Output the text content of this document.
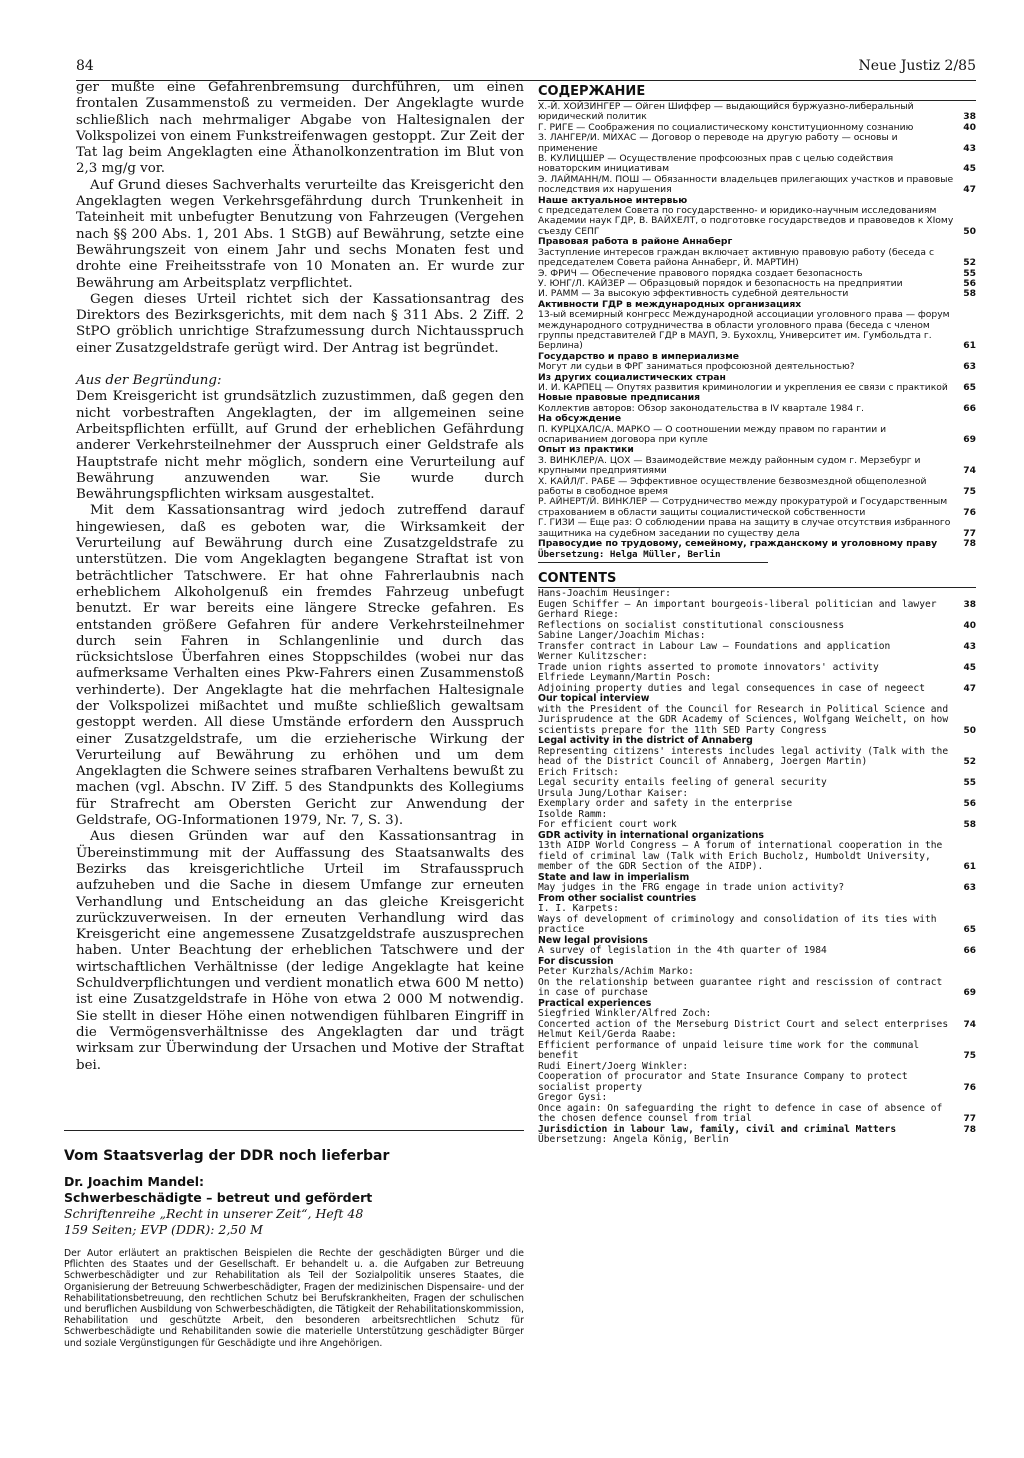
84	Neue Justiz 2/85

ger mußte eine Gefahrenbremsung durchführen, um einen frontalen Zusammenstoß zu vermeiden. Der Angeklagte wurde schließlich nach mehrmaliger Abgabe von Haltesignalen der Volkspolizei von einem Funkstreifenwagen gestoppt. Zur Zeit der Tat lag beim Angeklagten eine Äthanolkonzentration im Blut von 2,3 mg/g vor.

Auf Grund dieses Sachverhalts verurteilte das Kreisgericht den Angeklagten wegen Verkehrsgefährdung durch Trunkenheit in Tateinheit mit unbefugter Benutzung von Fahrzeugen (Vergehen nach §§ 200 Abs. 1, 201 Abs. 1 StGB) auf Bewährung, setzte eine Bewährungszeit von einem Jahr und sechs Monaten fest und drohte eine Freiheitsstrafe von 10 Monaten an. Er wurde zur Bewährung am Arbeitsplatz verpflichtet.

Gegen dieses Urteil richtet sich der Kassationsantrag des Direktors des Bezirksgerichts, mit dem nach § 311 Abs. 2 Ziff. 2 StPO gröblich unrichtige Strafzumessung durch Nichtausspruch einer Zusatzgeldstrafe gerügt wird. Der Antrag ist begründet.

Aus der Begründung:

Dem Kreisgericht ist grundsätzlich zuzustimmen, daß gegen den nicht vorbestraften Angeklagten, der im allgemeinen seine Arbeitspflichten erfüllt, auf Grund der erheblichen Gefährdung anderer Verkehrsteilnehmer der Ausspruch einer Geldstrafe als Hauptstrafe nicht mehr möglich, sondern eine Verurteilung auf Bewährung anzuwenden war. Sie wurde durch Bewährungspflichten wirksam ausgestaltet.

Mit dem Kassationsantrag wird jedoch zutreffend darauf hingewiesen, daß es geboten war, die Wirksamkeit der Verurteilung auf Bewährung durch eine Zusatzgeldstrafe zu unterstützen. Die vom Angeklagten begangene Straftat ist von beträchtlicher Tatschwere. Er hat ohne Fahrerlaubnis nach erheblichem Alkoholgenuß ein fremdes Fahrzeug unbefugt benutzt. Er war bereits eine längere Strecke gefahren. Es entstanden größere Gefahren für andere Verkehrsteilnehmer durch sein Fahren in Schlangenlinie und durch das rücksichtslose Überfahren eines Stoppschildes (wobei nur das aufmerksame Verhalten eines Pkw-Fahrers einen Zusammenstoß verhinderte). Der Angeklagte hat die mehrfachen Haltesignale der Volkspolizei mißachtet und mußte schließlich gewaltsam gestoppt werden. All diese Umstände erfordern den Ausspruch einer Zusatzgeldstrafe, um die erzieherische Wirkung der Verurteilung auf Bewährung zu erhöhen und um dem Angeklagten die Schwere seines strafbaren Verhaltens bewußt zu machen (vgl. Abschn. IV Ziff. 5 des Standpunkts des Kollegiums für Strafrecht am Obersten Gericht zur Anwendung der Geldstrafe, OG-Informationen 1979, Nr. 7, S. 3).

Aus diesen Gründen war auf den Kassationsantrag in Übereinstimmung mit der Auffassung des Staatsanwalts des Bezirks das kreisgerichtliche Urteil im Strafausspruch aufzuheben und die Sache in diesem Umfange zur erneuten Verhandlung und Entscheidung an das gleiche Kreisgericht zurückzuverweisen. In der erneuten Verhandlung wird das Kreisgericht eine angemessene Zusatzgeldstrafe auszusprechen haben. Unter Beachtung der erheblichen Tatschwere und der wirtschaftlichen Verhältnisse (der ledige Angeklagte hat keine Schuldverpflichtungen und verdient monatlich etwa 600 M netto) ist eine Zusatzgeldstrafe in Höhe von etwa 2 000 M notwendig. Sie stellt in dieser Höhe einen notwendigen fühlbaren Eingriff in die Vermögensverhältnisse des Angeklagten dar und trägt wirksam zur Überwindung der Ursachen und Motive der Straftat bei.

Vom Staatsverlag der DDR noch lieferbar
Dr. Joachim Mandel:
Schwerbeschädigte – betreut und gefördert
Schriftenreihe „Recht in unserer Zeit“, Heft 48
159 Seiten; EVP (DDR): 2,50 M
Der Autor erläutert an praktischen Beispielen die Rechte der geschädigten Bürger und die Pflichten des Staates und der Gesellschaft. Er behandelt u. a. die Aufgaben zur Betreuung Schwerbeschädigter und zur Rehabilitation als Teil der Sozialpolitik unseres Staates, die Organisierung der Betreuung Schwerbeschädigter, Fragen der medizinischen Dispensaire- und der Rehabilitationsbetreuung, den rechtlichen Schutz bei Berufskrankheiten, Fragen der schulischen und beruflichen Ausbildung von Schwerbeschädigten, die Tätigkeit der Rehabilitationskommission, Rehabilitation und geschützte Arbeit, den besonderen arbeitsrechtlichen Schutz für Schwerbeschädigte und Rehabilitanden sowie die materielle Unterstützung geschädigter Bürger und soziale Vergünstigungen für Geschädigte und ihre Angehörigen.
СОДЕРЖАНИЕ
Х.-Й. ХОЙЗИНГЕР — Ойген Шиффер — выдающийся буржуазно-либеральный юридический политик	38
Г. РИГЕ — Соображения по социалистическому конституционному сознанию	40
З. ЛАНГЕР/И. МИХАС — Договор о переводе на другую работу — основы и применение	43
В. КУЛИЦШЕР — Осуществление профсоюзных прав с целью содействия новаторским инициативам	45
Э. ЛАЙМАНН/М. ПОШ — Обязанности владельцев прилегающих участков и правовые последствия их нарушения	47
Наше актуальное интервью
с председателем Совета по государственно- и юридико-научным исследованиям Академии наук ГДР, В. ВАЙХЕЛТ, о подготовке государстведов и правоведов к XIому съезду СЕПГ	50
Правовая работа в районе Аннаберг
Заступление интересов граждан включает активную правовую работу (беседа с председателем Совета района Аннаберг, Й. МАРТИН)	52
Э. ФРИЧ — Обеспечение правового порядка создает безопасность	55
У. ЮНГ/Л. КАЙЗЕР — Образцовый порядок и безопасность на предприятии	56
И. РАММ — За высокую эффективность судебной деятельности	58
Активности ГДР в международных организациях
13-ый всемирный конгресс Международной ассоциации уголовного права — форум международного сотрудничества в области уголовного права (беседа с членом группы представителей ГДР в МАУП, Э. Бухохлц, Университет им. Гумбольдта г. Берлина)	61
Государство и право в империализме
Могут ли судьи в ФРГ заниматься профсоюзной деятельностью?	63
Из других социалистических стран
И. И. КАРПЕЦ — Опутях развития криминологии и укрепления ее связи с практикой 65
Новые правовые предписания
Коллектив авторов: Обзор законодательства в IV квартале 1984 г.	66
На обсуждение
П. КУРЦХАЛС/А. МАРКО — О соотношении между правом по гарантии и оспариванием договора при купле	69
Опыт из практики
З. ВИНКЛЕР/А. ЦОХ — Взаимодействие между районным судом г. Мерзебург и крупными предприятиями	74
Х. КАЙЛ/Г. РАБЕ — Эффективное осуществление безвозмездной общеполезной работы в свободное время	75
Р. АЙНЕРТ/Й. ВИНКЛЕР — Сотрудничество между прокуратурой и Государственным страхованием в области защиты социалистической собственности	76
Г. ГИЗИ — Еще раз: О соблюдении права на защиту в случае отсутствия избранного защитника на судебном заседании по существу дела	77
Правосудие по трудовому, семейному, гражданскому и уголовному праву	78
Übersetzung: Helga Müller, Berlin
CONTENTS
Hans-Joachim Heusinger:
Eugen Schiffer – An important bourgeois-liberal politician and lawyer	38
Gerhard Riege:
Reflections on socialist constitutional consciousness	40
Sabine Langer/Joachim Michas:
Transfer contract in Labour Law – Foundations and application	43
Werner Kulitzscher:
Trade union rights asserted to promote innovators' activity	45
Elfriede Leymann/Martin Posch:
Adjoining property duties and legal consequences in case of negeect	47
Our topical interview
with the President of the Council for Research in Political Science and Jurisprudence at the GDR Academy of Sciences, Wolfgang Weichelt, on how scientists prepare for the 11th SED Party Congress	50
Legal activity in the district of Annaberg
Representing citizens' interests includes legal activity (Talk with the head of the District Council of Annaberg, Joergen Martin)	52
Erich Fritsch:
Legal security entails feeling of general security	55
Ursula Jung/Lothar Kaiser:
Exemplary order and safety in the enterprise	56
Isolde Ramm:
For efficient court work	58
GDR activity in international organizations
13th AIDP World Congress – A forum of international cooperation in the field of criminal law (Talk with Erich Bucholz, Humboldt University, member of the GDR Section of the AIDP).	61
State and law in imperialism
May judges in the FRG engage in trade union activity?	63
From other socialist countries
I. I. Karpets:
Ways of development of criminology and consolidation of its ties with practice	65
New legal provisions
A survey of legislation in the 4th quarter of 1984	66
For discussion
Peter Kurzhals/Achim Marko:
On the relationship between guarantee right and rescission of contract in case of purchase	69
Practical experiences
Siegfried Winkler/Alfred Zoch:
Concerted action of the Merseburg District Court and select enterprises 74
Helmut Keil/Gerda Raabe:
Efficient performance of unpaid leisure time work for the communal benefit	75
Rudi Einert/Joerg Winkler:
Cooperation of procurator and State Insurance Company to protect socialist property	76
Gregor Gysi:
Once again: On safeguarding the right to defence in case of absence of the chosen defence counsel from trial	77
Jurisdiction in labour law, family, civil and criminal Matters	78
Übersetzung: Angela König, Berlin
